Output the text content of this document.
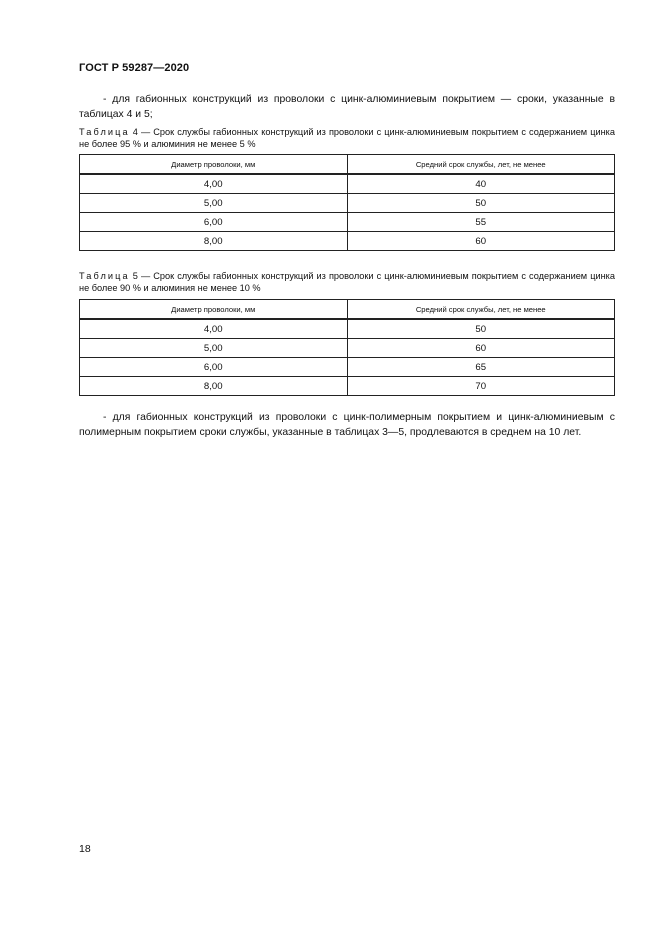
ГОСТ Р 59287—2020
- для габионных конструкций из проволоки с цинк-алюминиевым покрытием — сроки, указанные в таблицах 4 и 5;
Таблица 4 — Срок службы габионных конструкций из проволоки с цинк-алюминиевым покрытием с содержанием цинка не более 95 % и алюминия не менее 5 %
Диаметр проволоки, мм	Средний срок службы, лет, не менее
4,00	40
5,00	50
6,00	55
8,00	60
Таблица 5 — Срок службы габионных конструкций из проволоки с цинк-алюминиевым покрытием с содержанием цинка не более 90 % и алюминия не менее 10 %
Диаметр проволоки, мм	Средний срок службы, лет, не менее
4,00	50
5,00	60
6,00	65
8,00	70
- для габионных конструкций из проволоки с цинк-полимерным покрытием и цинк-алюминиевым с полимерным покрытием сроки службы, указанные в таблицах 3—5, продлеваются в среднем на 10 лет.
18
